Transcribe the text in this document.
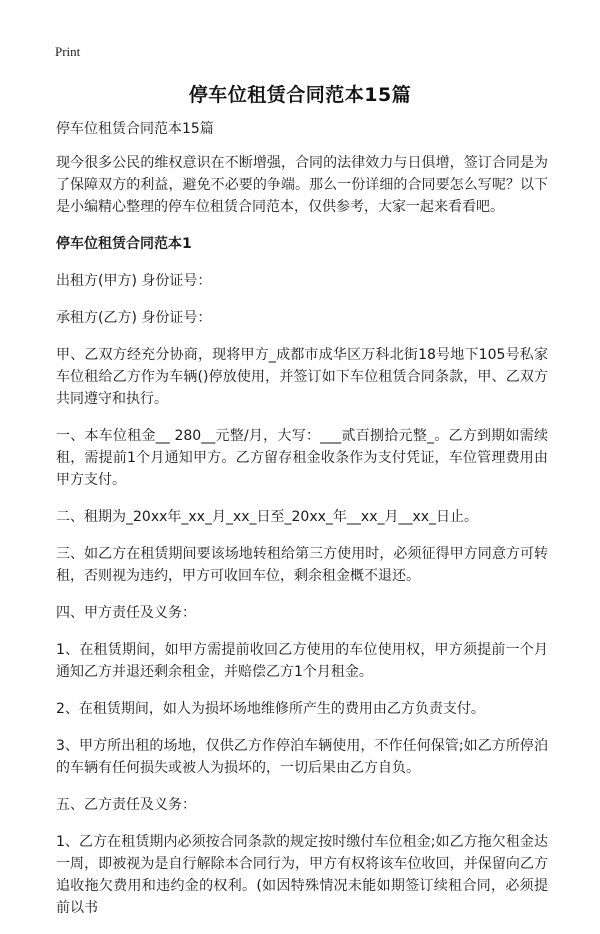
Print
停车位租赁合同范本15篇

停车位租赁合同范本15篇

现今很多公民的维权意识在不断增强，合同的法律效力与日俱增，签订合同是为了保障双方的利益，避免不必要的争端。那么一份详细的合同要怎么写呢？以下是小编精心整理的停车位租赁合同范本，仅供参考，大家一起来看看吧。

停车位租赁合同范本1

出租方(甲方) 身份证号：

承租方(乙方) 身份证号：

甲、乙双方经充分协商，现将甲方_成都市成华区万科北街18号地下105号私家车位租给乙方作为车辆()停放使用，并签订如下车位租赁合同条款，甲、乙双方共同遵守和执行。

一、本车位租金__ 280__元整/月，大写：___贰百捌拾元整_。乙方到期如需续租，需提前1个月通知甲方。乙方留存租金收条作为支付凭证，车位管理费用由甲方支付。

二、租期为_20xx年_xx_月_xx_日至_20xx_年__xx_月__xx_日止。

三、如乙方在租赁期间要该场地转租给第三方使用时，必须征得甲方同意方可转租，否则视为违约，甲方可收回车位，剩余租金概不退还。

四、甲方责任及义务：

1、在租赁期间，如甲方需提前收回乙方使用的车位使用权，甲方须提前一个月通知乙方并退还剩余租金，并赔偿乙方1个月租金。

2、在租赁期间，如人为损坏场地维修所产生的费用由乙方负责支付。

3、甲方所出租的场地，仅供乙方作停泊车辆使用，不作任何保管;如乙方所停泊的车辆有任何损失或被人为损坏的，一切后果由乙方自负。

五、乙方责任及义务：

1、乙方在租赁期内必须按合同条款的规定按时缴付车位租金;如乙方拖欠租金达一周，即被视为是自行解除本合同行为，甲方有权将该车位收回，并保留向乙方追收拖欠费用和违约金的权利。(如因特殊情况未能如期签订续租合同，必须提前以书
